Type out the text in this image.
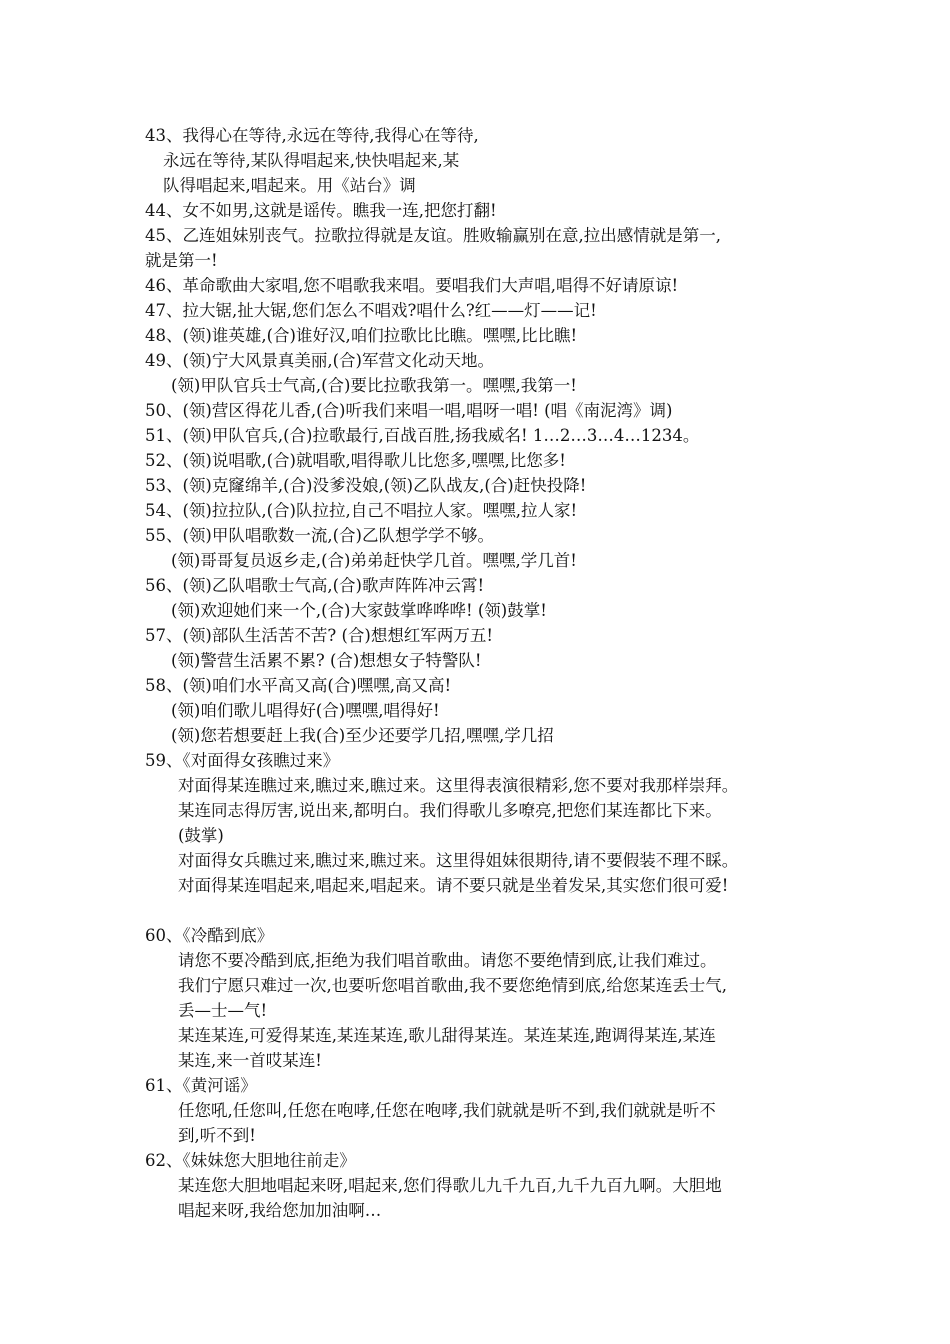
43、我得心在等待,永远在等待,我得心在等待,
永远在等待,某队得唱起来,快快唱起来,某
队得唱起来,唱起来。用《站台》调
44、女不如男,这就是谣传。瞧我一连,把您打翻!
45、乙连姐妹别丧气。拉歌拉得就是友谊。胜败输赢别在意,拉出感情就是第一,
就是第一!
46、革命歌曲大家唱,您不唱歌我来唱。要唱我们大声唱,唱得不好请原谅!
47、拉大锯,扯大锯,您们怎么不唱戏?唱什么?红——灯——记!
48、(领)谁英雄,(合)谁好汉,咱们拉歌比比瞧。嘿嘿,比比瞧!
49、(领)宁大风景真美丽,(合)军营文化动天地。
(领)甲队官兵士气高,(合)要比拉歌我第一。嘿嘿,我第一!
50、(领)营区得花儿香,(合)听我们来唱一唱,唱呀一唱! (唱《南泥湾》调)
51、(领)甲队官兵,(合)拉歌最行,百战百胜,扬我威名! 1…2…3…4…1234。
52、(领)说唱歌,(合)就唱歌,唱得歌儿比您多,嘿嘿,比您多!
53、(领)克窿绵羊,(合)没爹没娘,(领)乙队战友,(合)赶快投降!
54、(领)拉拉队,(合)队拉拉,自己不唱拉人家。嘿嘿,拉人家!
55、(领)甲队唱歌数一流,(合)乙队想学学不够。
(领)哥哥复员返乡走,(合)弟弟赶快学几首。嘿嘿,学几首!
56、(领)乙队唱歌士气高,(合)歌声阵阵冲云霄!
(领)欢迎她们来一个,(合)大家鼓掌哗哗哗! (领)鼓掌!
57、(领)部队生活苦不苦? (合)想想红军两万五!
(领)警营生活累不累? (合)想想女子特警队!
58、(领)咱们水平高又高(合)嘿嘿,高又高!
(领)咱们歌儿唱得好(合)嘿嘿,唱得好!
(领)您若想要赶上我(合)至少还要学几招,嘿嘿,学几招
59、《对面得女孩瞧过来》
对面得某连瞧过来,瞧过来,瞧过来。这里得表演很精彩,您不要对我那样崇拜。
某连同志得厉害,说出来,都明白。我们得歌儿多嘹亮,把您们某连都比下来。
(鼓掌)
对面得女兵瞧过来,瞧过来,瞧过来。这里得姐妹很期待,请不要假装不理不睬。
对面得某连唱起来,唱起来,唱起来。请不要只就是坐着发呆,其实您们很可爱!
60、《冷酷到底》
请您不要冷酷到底,拒绝为我们唱首歌曲。请您不要绝情到底,让我们难过。
我们宁愿只难过一次,也要听您唱首歌曲,我不要您绝情到底,给您某连丢士气,
丢—士—气!
某连某连,可爱得某连,某连某连,歌儿甜得某连。某连某连,跑调得某连,某连
某连,来一首哎某连!
61、《黄河谣》
任您吼,任您叫,任您在咆哮,任您在咆哮,我们就就是听不到,我们就就是听不
到,听不到!
62、《妹妹您大胆地往前走》
某连您大胆地唱起来呀,唱起来,您们得歌儿九千九百,九千九百九啊。大胆地
唱起来呀,我给您加加油啊…
